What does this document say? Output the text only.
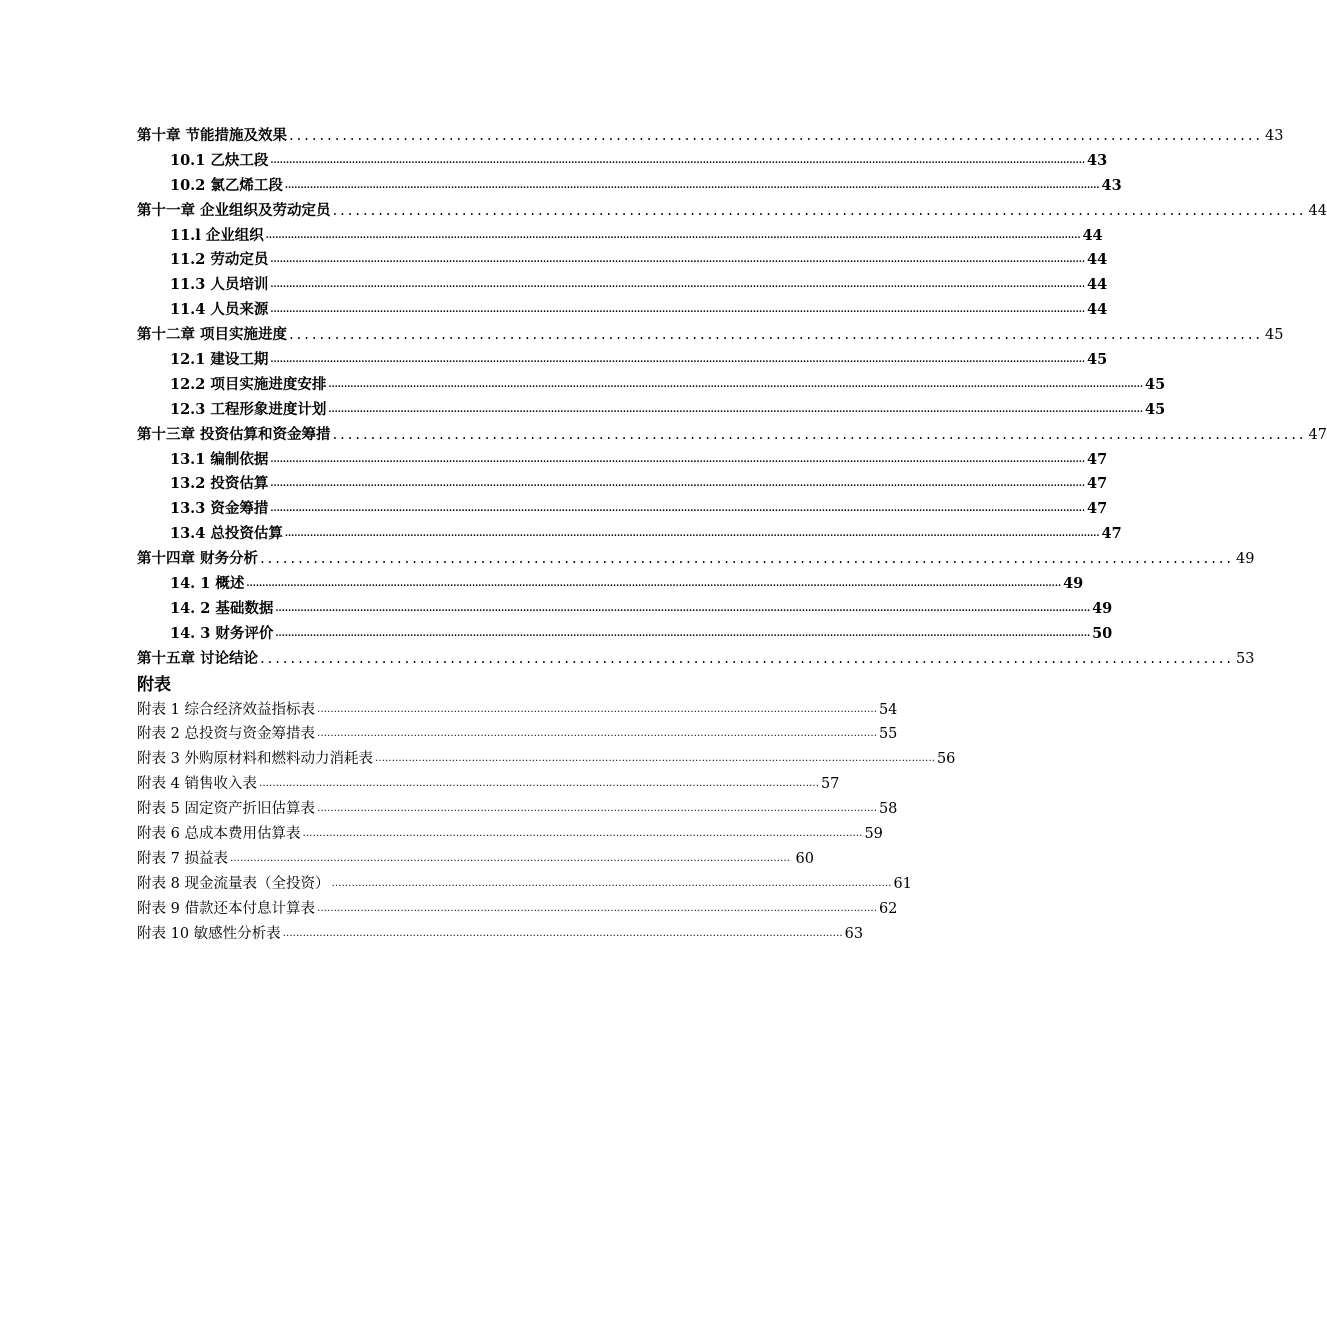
第十章 节能措施及效果 ................................................................................................................................ 43
10.1 乙炔工段 .................................................................................................................................................................................................................................................................... 43
10.2 氯乙烯工段 .................................................................................................................................................................................................................................................................... 43
第十一章 企业组织及劳动定员 ................................................................................................................................ 44
11.l 企业组织 .................................................................................................................................................................................................................................................................... 44
11.2 劳动定员 .................................................................................................................................................................................................................................................................... 44
11.3 人员培训 .................................................................................................................................................................................................................................................................... 44
11.4 人员来源 .................................................................................................................................................................................................................................................................... 44
第十二章 项目实施进度 ................................................................................................................................ 45
12.1 建设工期 .................................................................................................................................................................................................................................................................... 45
12.2 项目实施进度安排 .................................................................................................................................................................................................................................................................... 45
12.3 工程形象进度计划 .................................................................................................................................................................................................................................................................... 45
第十三章 投资估算和资金筹措 ................................................................................................................................ 47
13.1 编制依据 .................................................................................................................................................................................................................................................................... 47
13.2 投资估算 .................................................................................................................................................................................................................................................................... 47
13.3 资金筹措 .................................................................................................................................................................................................................................................................... 47
13.4 总投资估算 .................................................................................................................................................................................................................................................................... 47
第十四章 财务分析 ................................................................................................................................ 49
14. 1 概述 .................................................................................................................................................................................................................................................................... 49
14. 2 基础数据 .................................................................................................................................................................................................................................................................... 49
14. 3 财务评价 .................................................................................................................................................................................................................................................................... 50
第十五章 讨论结论 ................................................................................................................................ 53
附表
附表 1 综合经济效益指标表 …………………………………………………………………………………………………………………………………………………… 54
附表 2 总投资与资金筹措表 …………………………………………………………………………………………………………………………………………………… 55
附表 3 外购原材料和燃料动力消耗表 …………………………………………………………………………………………………………………………………………………… 56
附表 4 销售收入表 …………………………………………………………………………………………………………………………………………………… 57
附表 5 固定资产折旧估算表 …………………………………………………………………………………………………………………………………………………… 58
附表 6 总成本费用估算表 …………………………………………………………………………………………………………………………………………………… 59
附表 7 损益表 …………………………………………………………………………………………………………………………………………………… 60
附表 8 现金流量表（全投资） …………………………………………………………………………………………………………………………………………………… 61
附表 9 借款还本付息计算表 …………………………………………………………………………………………………………………………………………………… 62
附表 10 敏感性分析表 …………………………………………………………………………………………………………………………………………………… 63
